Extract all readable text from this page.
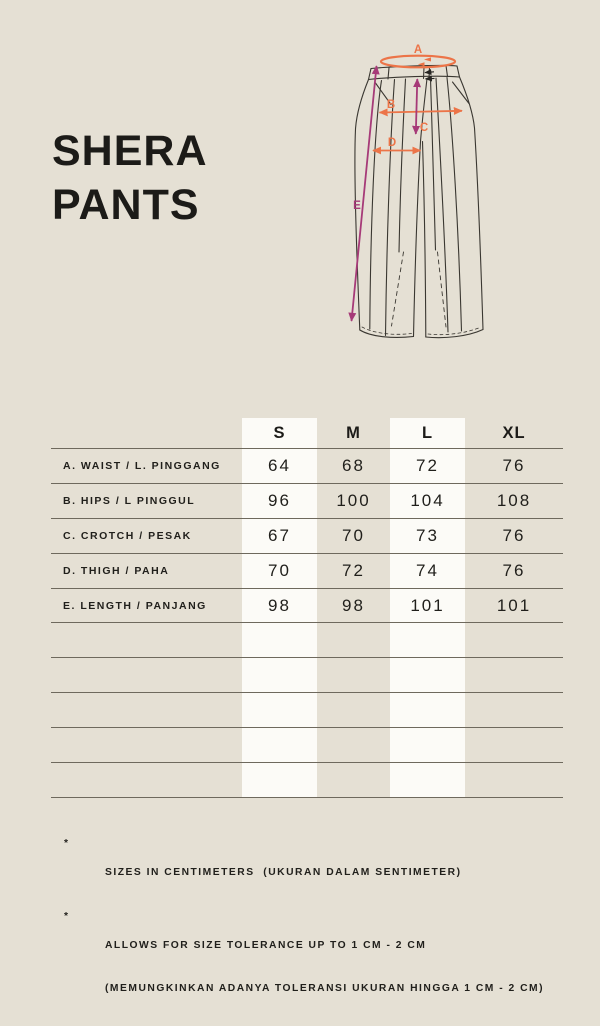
SHERA
PANTS
A
B
C
D
E
S	M	L	XL
A. WAIST / L. PINGGANG	64	68	72	76
B. HIPS / L PINGGUL	96	100	104	108
C. CROTCH / PESAK	67	70	73	76
D. THIGH / PAHA	70	72	74	76
E. LENGTH / PANJANG	98	98	101	101
*

SIZES IN CENTIMETERS  (UKURAN DALAM SENTIMETER)

*

ALLOWS FOR SIZE TOLERANCE UP TO 1 CM - 2 CM

(MEMUNGKINKAN ADANYA TOLERANSI UKURAN HINGGA 1 CM - 2 CM)
